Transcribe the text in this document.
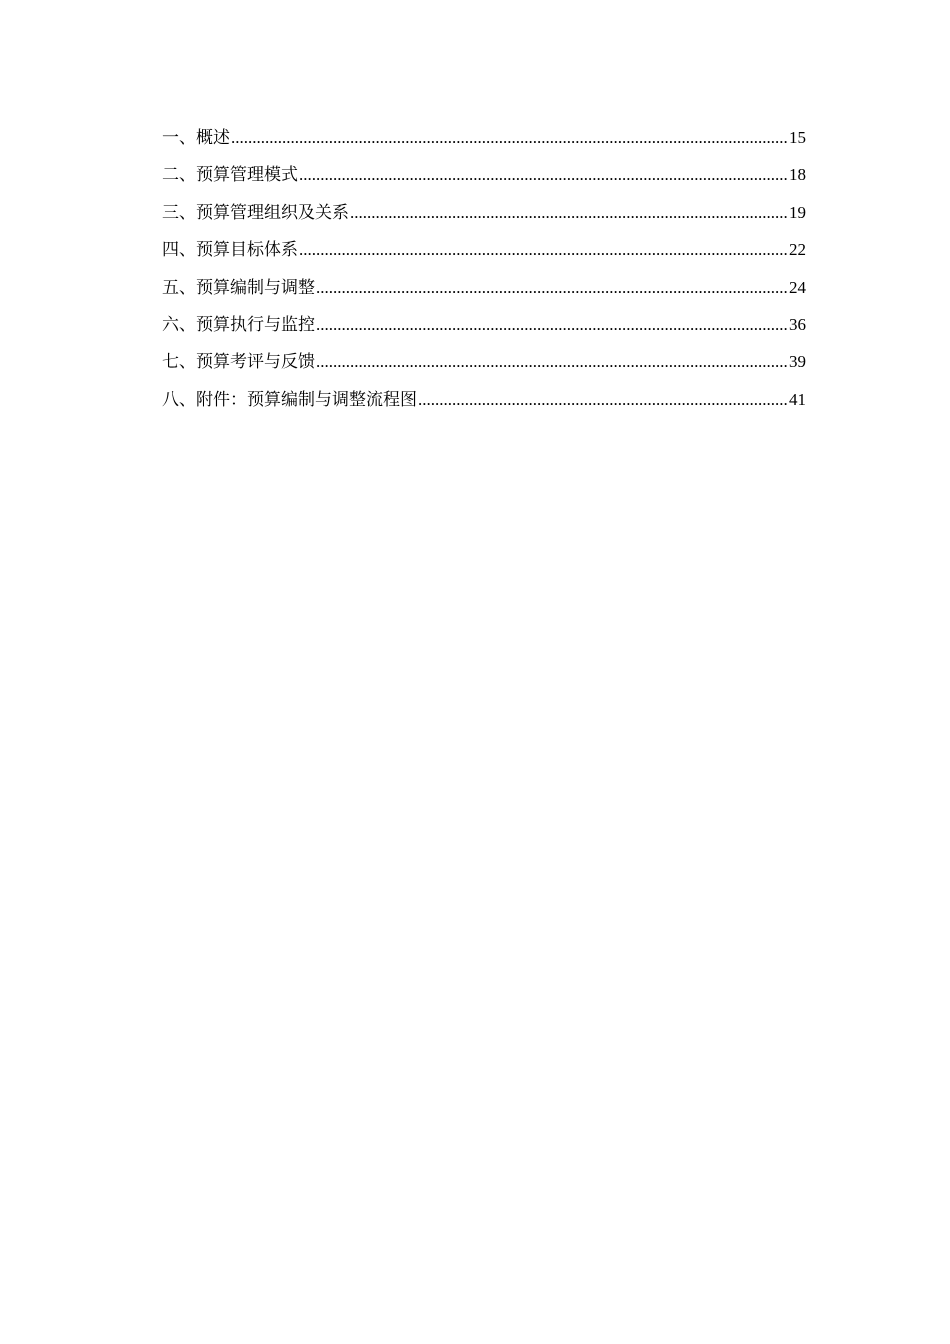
一、概述 .....	15
二、预算管理模式 .....	18
三、预算管理组织及关系 .....	19
四、预算目标体系 .....	22
五、预算编制与调整 .....	24
六、预算执行与监控 .....	36
七、预算考评与反馈 .....	39
八、附件：预算编制与调整流程图 .....	41
